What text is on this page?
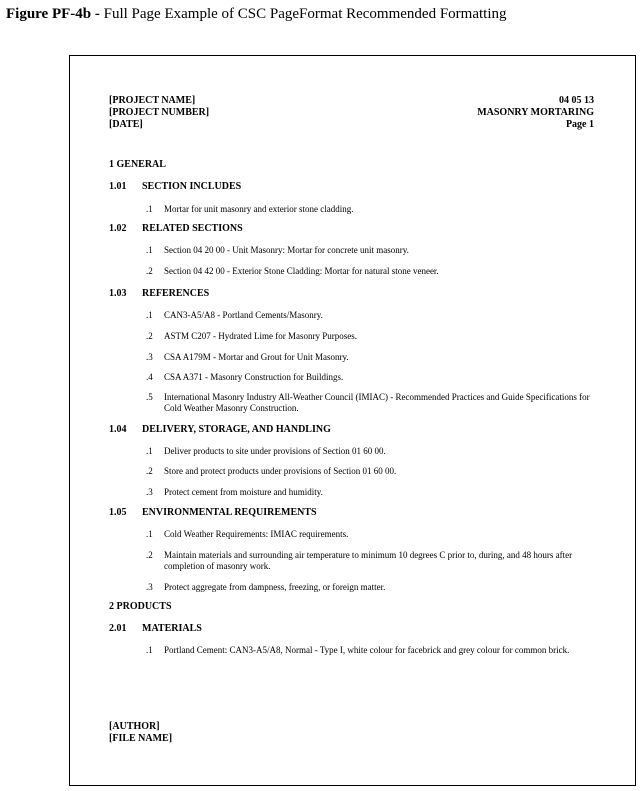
Figure PF-4b - Full Page Example of CSC PageFormat Recommended Formatting
[PROJECT NAME]
[PROJECT NUMBER]
[DATE]
04 05 13
MASONRY MORTARING
Page 1
1 GENERAL
1.01 SECTION INCLUDES
.1 Mortar for unit masonry and exterior stone cladding.
1.02 RELATED SECTIONS
.1 Section 04 20 00 - Unit Masonry: Mortar for concrete unit masonry.
.2 Section 04 42 00 - Exterior Stone Cladding: Mortar for natural stone veneer.
1.03 REFERENCES
.1 CAN3-A5/A8 - Portland Cements/Masonry.
.2 ASTM C207 - Hydrated Lime for Masonry Purposes.
.3 CSA A179M - Mortar and Grout for Unit Masonry.
.4 CSA A371 - Masonry Construction for Buildings.
.5 International Masonry Industry All-Weather Council (IMIAC) - Recommended Practices and Guide Specifications for Cold Weather Masonry Construction.
1.04 DELIVERY, STORAGE, AND HANDLING
.1 Deliver products to site under provisions of Section 01 60 00.
.2 Store and protect products under provisions of Section 01 60 00.
.3 Protect cement from moisture and humidity.
1.05 ENVIRONMENTAL REQUIREMENTS
.1 Cold Weather Requirements: IMIAC requirements.
.2 Maintain materials and surrounding air temperature to minimum 10 degrees C prior to, during, and 48 hours after completion of masonry work.
.3 Protect aggregate from dampness, freezing, or foreign matter.
2 PRODUCTS
2.01 MATERIALS
.1 Portland Cement: CAN3-A5/A8, Normal - Type I, white colour for facebrick and grey colour for common brick.
[AUTHOR]
[FILE NAME]
